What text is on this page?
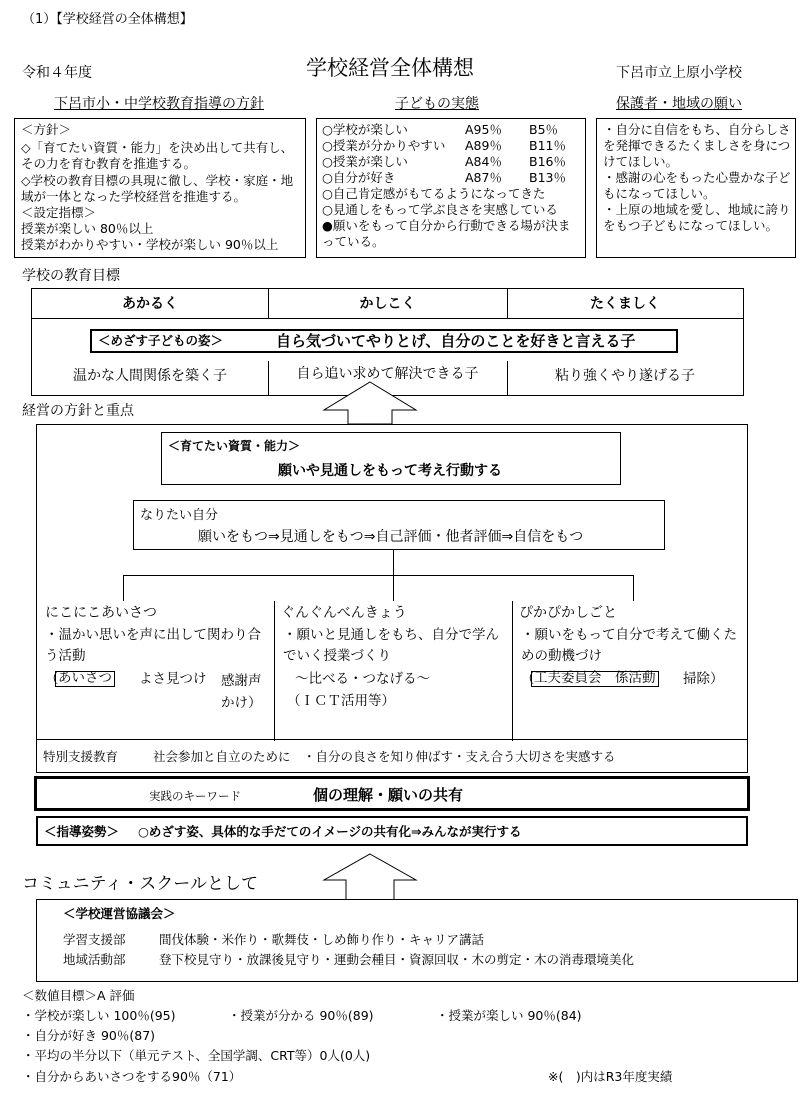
（1）【学校経営の全体構想】
令和４年度	学校経営全体構想	下呂市立上原小学校
下呂市小・中学校教育指導の方針	子どもの実態	保護者・地域の願い
＜方針＞
◇「育てたい資質・能力」を決め出して共有し、その力を育む教育を推進する。
◇学校の教育目標の具現に徹し、学校・家庭・地域が一体となった学校経営を推進する。
＜設定指標＞
授業が楽しい 80％以上
授業がわかりやすい・学校が楽しい 90％以上
○学校が楽しい	A95％ B5％
○授業が分かりやすい A89％ B11％
○授業が楽しい	A84％ B16％
○自分が好き	A87％ B13％
○自己肯定感がもてるようになってきた
○見通しをもって学ぶ良さを実感している
●願いをもって自分から行動できる場が決まっている。
・自分に自信をもち、自分らしさを発揮できるたくましさを身につけてほしい。
・感謝の心をもった心豊かな子どもになってほしい。
・上原の地域を愛し、地域に誇りをもつ子どもになってほしい。
学校の教育目標
あかるく	かしこく	たくましく
＜めざす子どもの姿＞	自ら気づいてやりとげ、自分のことを好きと言える子
温かな人間関係を築く子	自ら追い求めて解決できる子	粘り強くやり遂げる子
経営の方針と重点
＜育てたい資質・能力＞
願いや見通しをもって考え行動する
なりたい自分
願いをもつ⇒見通しをもつ⇒自己評価・他者評価⇒自信をもつ
にこにこあいさつ
・温かい思いを声に出して関わり合う活動
（ あいさつ よさ見つけ 感謝声かけ）
ぐんぐんべんきょう
・願いと見通しをもち、自分で学んでいく授業づくり
～比べる・つなげる～
（ＩＣＴ活用等）
ぴかぴかしごと
・願いをもって自分で考えて働くための動機づけ
（ 工夫委員会　係活動 掃除）
特別支援教育	社会参加と自立のために　・自分の良さを知り伸ばす・支え合う大切さを実感する
実践のキーワード	個の理解・願いの共有
＜指導姿勢＞ ○めざす姿、具体的な手だてのイメージの共有化⇒みんなが実行する
コミュニティ・スクールとして
＜学校運営協議会＞
学習支援部	間伐体験・米作り・歌舞伎・しめ飾り作り・キャリア講話
地域活動部	登下校見守り・放課後見守り・運動会種目・資源回収・木の剪定・木の消毒環境美化
＜数値目標＞A 評価
・学校が楽しい 100％(95)	・授業が分かる 90％(89)	・授業が楽しい 90％(84)
・自分が好き 90％(87)
・平均の半分以下（単元テスト、全国学調、CRT等）0人(0人)
・自分からあいさつをする90％（71）	※(　)内はR3年度実績
